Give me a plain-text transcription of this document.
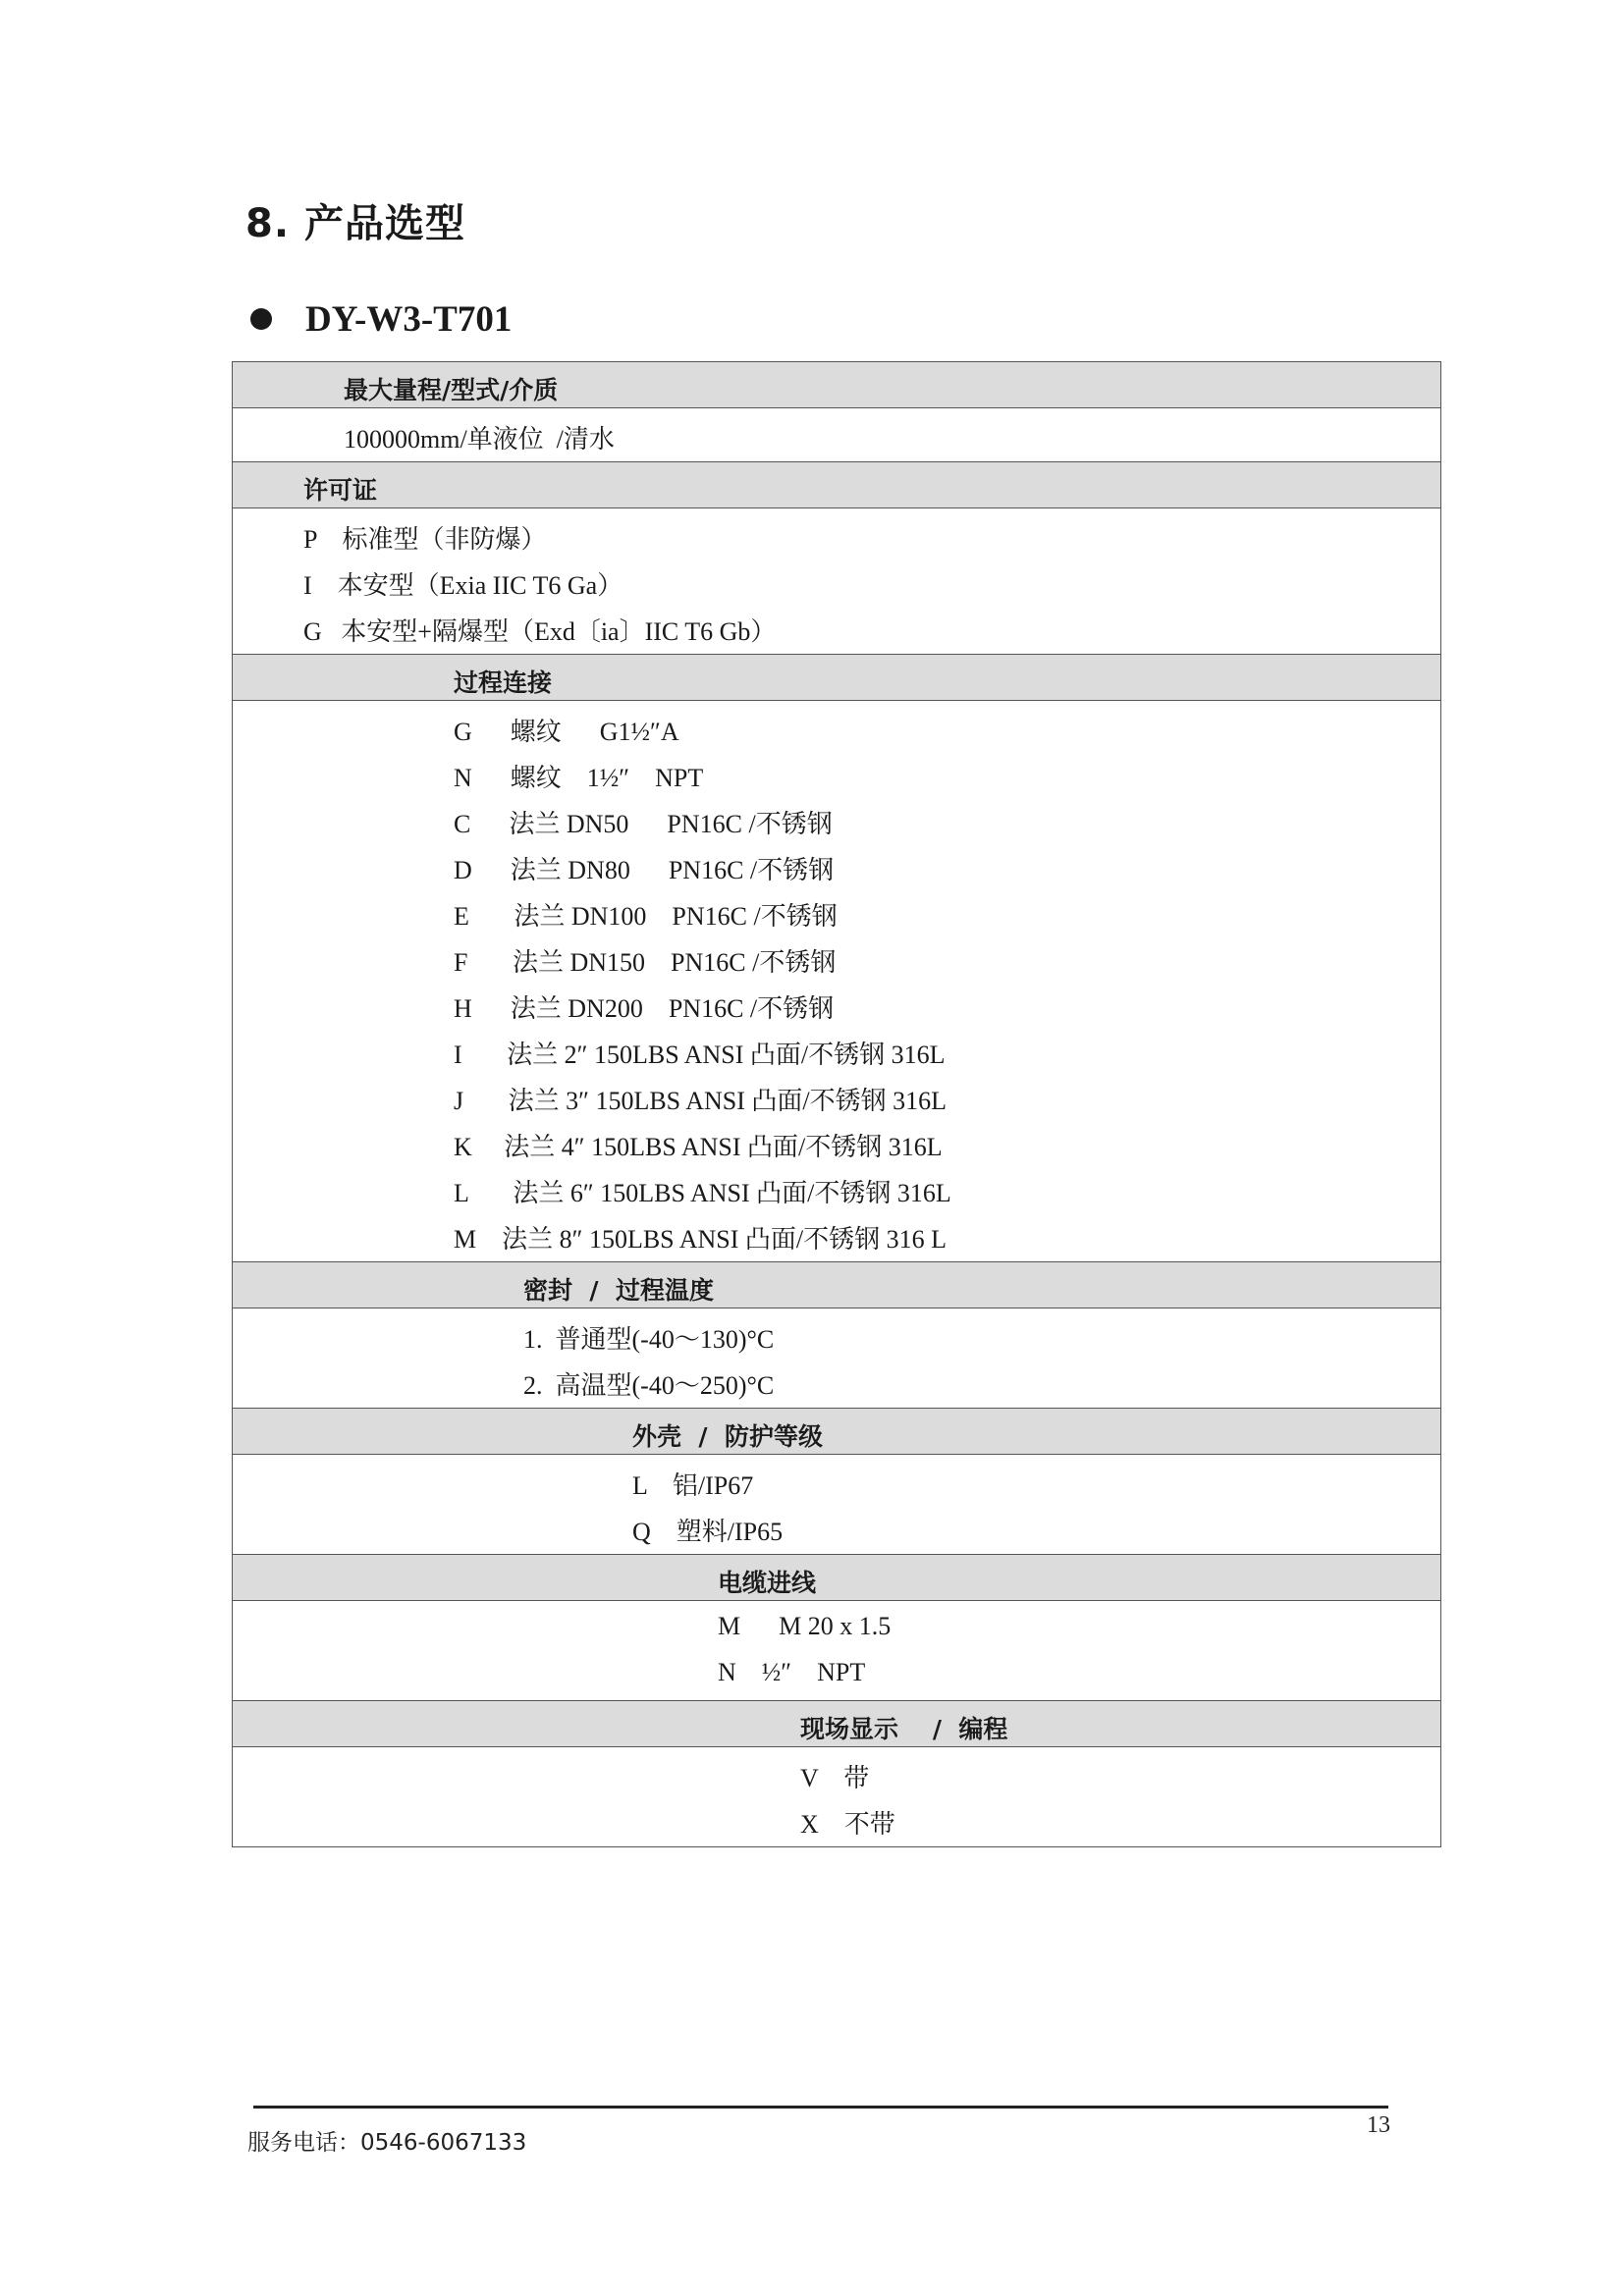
8. 产品选型
DY-W3-T701
最大量程/型式/介质
100000mm/单液位  /清水
许可证
P    标准型（非防爆）
I    本安型（Exia IIC T6 Ga）
G   本安型+隔爆型（Exd〔ia〕IIC T6 Gb）
过程连接
G      螺纹      G1½″A
N      螺纹    1½″    NPT
C      法兰 DN50      PN16C /不锈钢
D      法兰 DN80      PN16C /不锈钢
E       法兰 DN100    PN16C /不锈钢
F       法兰 DN150    PN16C /不锈钢
H      法兰 DN200    PN16C /不锈钢
I       法兰 2″ 150LBS ANSI 凸面/不锈钢 316L
J       法兰 3″ 150LBS ANSI 凸面/不锈钢 316L
K     法兰 4″ 150LBS ANSI 凸面/不锈钢 316L
L       法兰 6″ 150LBS ANSI 凸面/不锈钢 316L
M    法兰 8″ 150LBS ANSI 凸面/不锈钢 316 L
密封  /  过程温度
1.  普通型(-40～130)°C
2.  高温型(-40～250)°C
外壳  /  防护等级
L    铝/IP67
Q    塑料/IP65
电缆进线
M      M 20 x 1.5
N    ½″    NPT
现场显示    /  编程
V    带
X    不带
服务电话：0546-6067133
13
